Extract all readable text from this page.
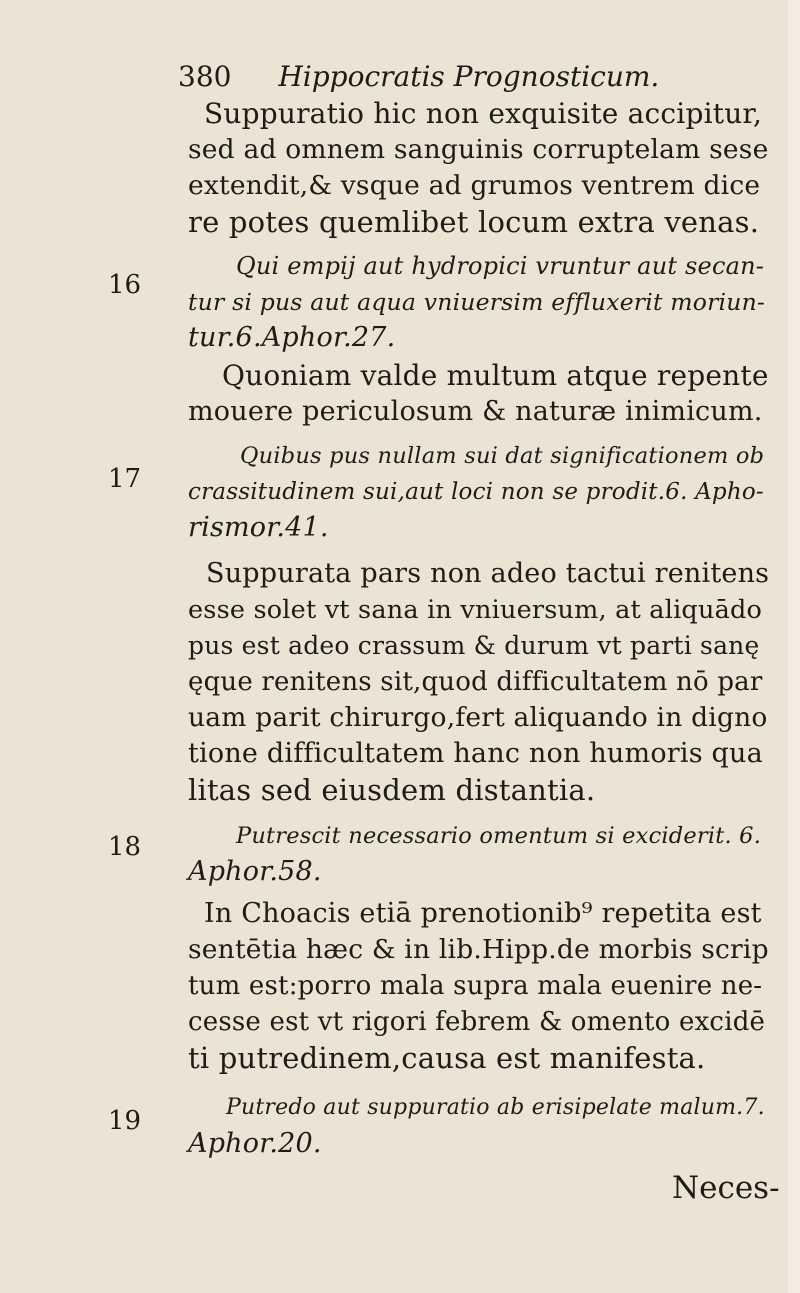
380 Hippocratis Prognosticum.
16
17
18
19
Suppuratio hic non exquisite accipitur,
sed ad omnem sanguinis corruptelam sese
extendit,& vsque ad grumos ventrem dice
re potes quemlibet locum extra venas.
Qui empij aut hydropici vruntur aut secan-
tur si pus aut aqua vniuersim effluxerit moriun-
tur.6.Aphor.27.
Quoniam valde multum atque repente
mouere periculosum & naturæ inimicum.
Quibus pus nullam sui dat significationem ob
crassitudinem sui,aut loci non se prodit.6. Apho-
rismor.41.
Suppurata pars non adeo tactui renitens
esse solet vt sana in vniuersum, at aliquādo
pus est adeo crassum & durum vt parti sanę
ęque renitens sit,quod difficultatem nō par
uam parit chirurgo,fert aliquando in digno
tione difficultatem hanc non humoris qua
litas sed eiusdem distantia.
Putrescit necessario omentum si exciderit. 6.
Aphor.58.
In Choacis etiā prenotionib⁹ repetita est
sentētia hæc & in lib.Hipp.de morbis scrip
tum est:porro mala supra mala euenire ne-
cesse est vt rigori febrem & omento excidē
ti putredinem,causa est manifesta.
Putredo aut suppuratio ab erisipelate malum.7.
Aphor.20.
Neces-
